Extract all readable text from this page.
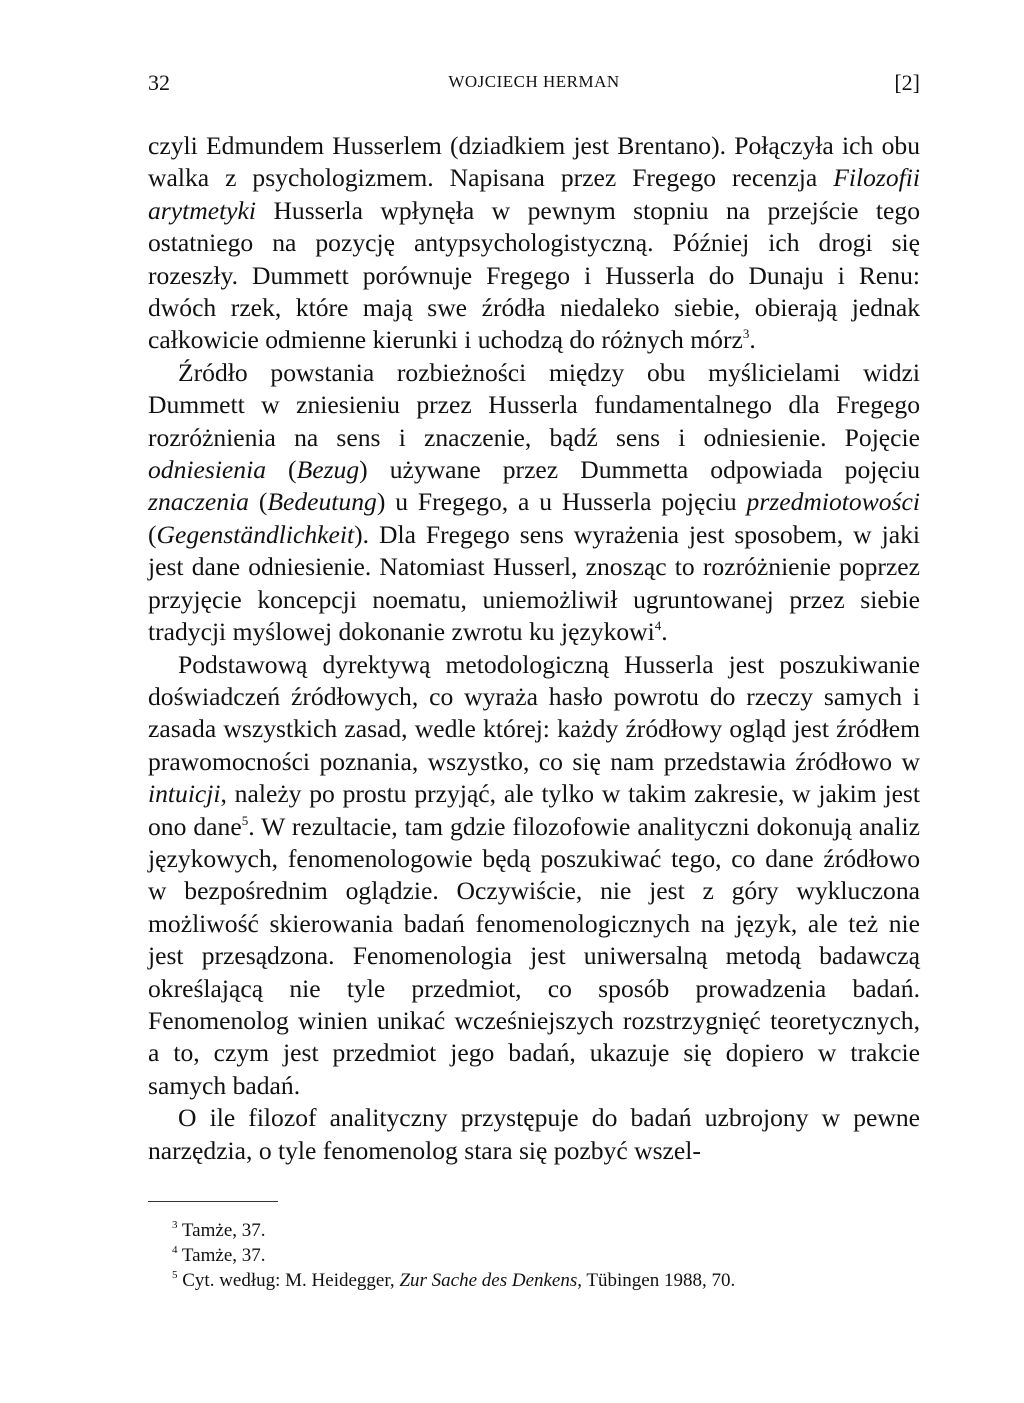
32	WOJCIECH HERMAN	[2]

czyli Edmundem Husserlem (dziadkiem jest Brentano). Połączyła ich obu walka z psychologizmem. Napisana przez Fregego recenzja Filozofii arytmetyki Husserla wpłynęła w pewnym stopniu na przejście tego ostatniego na pozycję antypsychologistyczną. Później ich drogi się rozeszły. Dummett porównuje Fregego i Husserla do Dunaju i Renu: dwóch rzek, które mają swe źródła niedaleko siebie, obierają jednak całkowicie odmienne kierunki i uchodzą do różnych mórz$^3$.

Źródło powstania rozbieżności między obu myślicielami widzi Dummett w zniesieniu przez Husserla fundamentalnego dla Fregego rozróżnienia na sens i znaczenie, bądź sens i odniesienie. Pojęcie odniesienia (Bezug) używane przez Dummetta odpowiada pojęciu znaczenia (Bedeutung) u Fregego, a u Husserla pojęciu przedmiotowości (Gegenständlichkeit). Dla Fregego sens wyrażenia jest sposobem, w jaki jest dane odniesienie. Natomiast Husserl, znosząc to rozróżnienie poprzez przyjęcie koncepcji noematu, uniemożliwił ugruntowanej przez siebie tradycji myślowej dokonanie zwrotu ku językowi$^4$.

Podstawową dyrektywą metodologiczną Husserla jest poszukiwanie doświadczeń źródłowych, co wyraża hasło powrotu do rzeczy samych i zasada wszystkich zasad, wedle której: każdy źródłowy ogląd jest źródłem prawomocności poznania, wszystko, co się nam przedstawia źródłowo w intuicji, należy po prostu przyjąć, ale tylko w takim zakresie, w jakim jest ono dane$^5$. W rezultacie, tam gdzie filozofowie analityczni dokonują analiz językowych, fenomenologowie będą poszukiwać tego, co dane źródłowo w bezpośrednim oglądzie. Oczywiście, nie jest z góry wykluczona możliwość skierowania badań fenomenologicznych na język, ale też nie jest przesądzona. Fenomenologia jest uniwersalną metodą badawczą określającą nie tyle przedmiot, co sposób prowadzenia badań. Fenomenolog winien unikać wcześniejszych rozstrzygnięć teoretycznych, a to, czym jest przedmiot jego badań, ukazuje się dopiero w trakcie samych badań.

O ile filozof analityczny przystępuje do badań uzbrojony w pewne narzędzia, o tyle fenomenolog stara się pozbyć wszel-

$^3$ Tamże, 37.

$^4$ Tamże, 37.

$^5$ Cyt. według: M. Heidegger, Zur Sache des Denkens, Tübingen 1988, 70.
